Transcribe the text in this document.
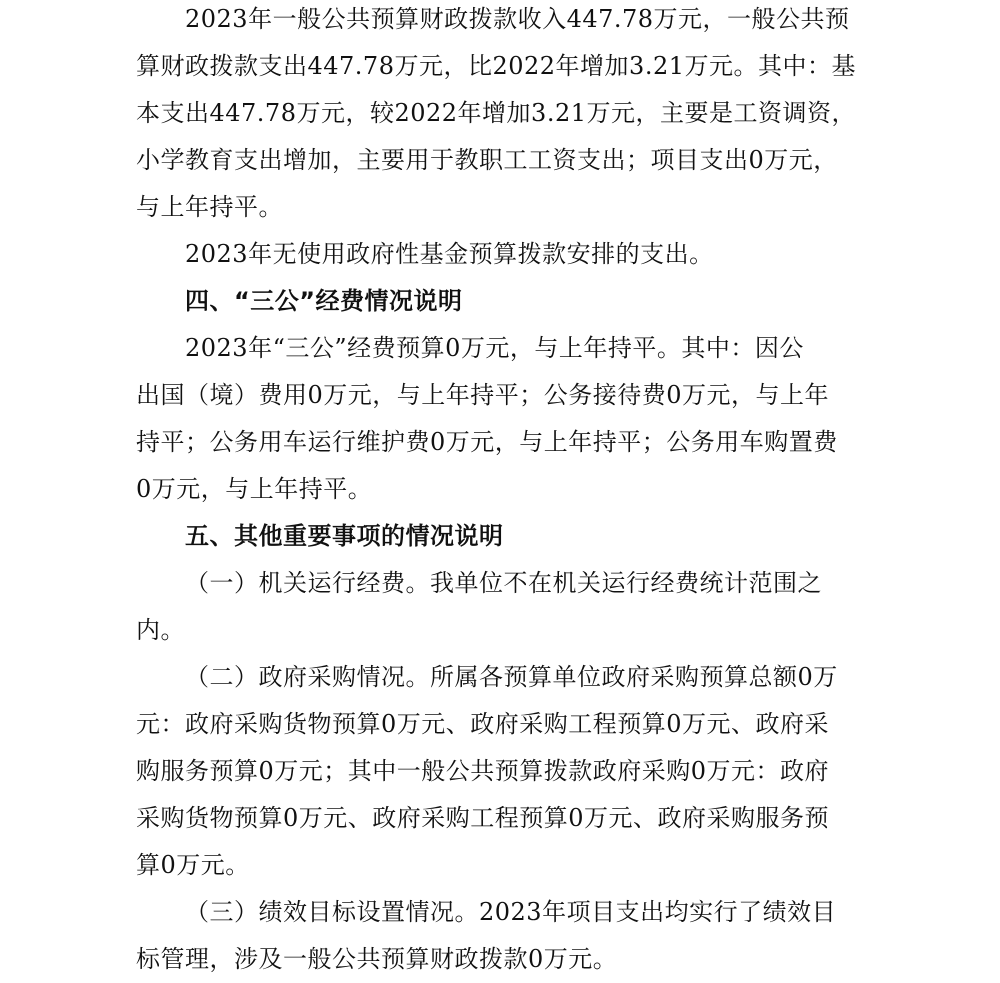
2023年一般公共预算财政拨款收入447.78万元，一般公共预
算财政拨款支出447.78万元，比2022年增加3.21万元。其中：基
本支出447.78万元，较2022年增加3.21万元，主要是工资调资，
小学教育支出增加，主要用于教职工工资支出；项目支出0万元，
与上年持平。
2023年无使用政府性基金预算拨款安排的支出。
四、“三公”经费情况说明
2023年“三公”经费预算0万元，与上年持平。其中：因公
出国（境）费用0万元，与上年持平；公务接待费0万元，与上年
持平；公务用车运行维护费0万元，与上年持平；公务用车购置费
0万元，与上年持平。
五、其他重要事项的情况说明
（一）机关运行经费。我单位不在机关运行经费统计范围之
内。
（二）政府采购情况。所属各预算单位政府采购预算总额0万
元：政府采购货物预算0万元、政府采购工程预算0万元、政府采
购服务预算0万元；其中一般公共预算拨款政府采购0万元：政府
采购货物预算0万元、政府采购工程预算0万元、政府采购服务预
算0万元。
（三）绩效目标设置情况。2023年项目支出均实行了绩效目
标管理，涉及一般公共预算财政拨款0万元。
